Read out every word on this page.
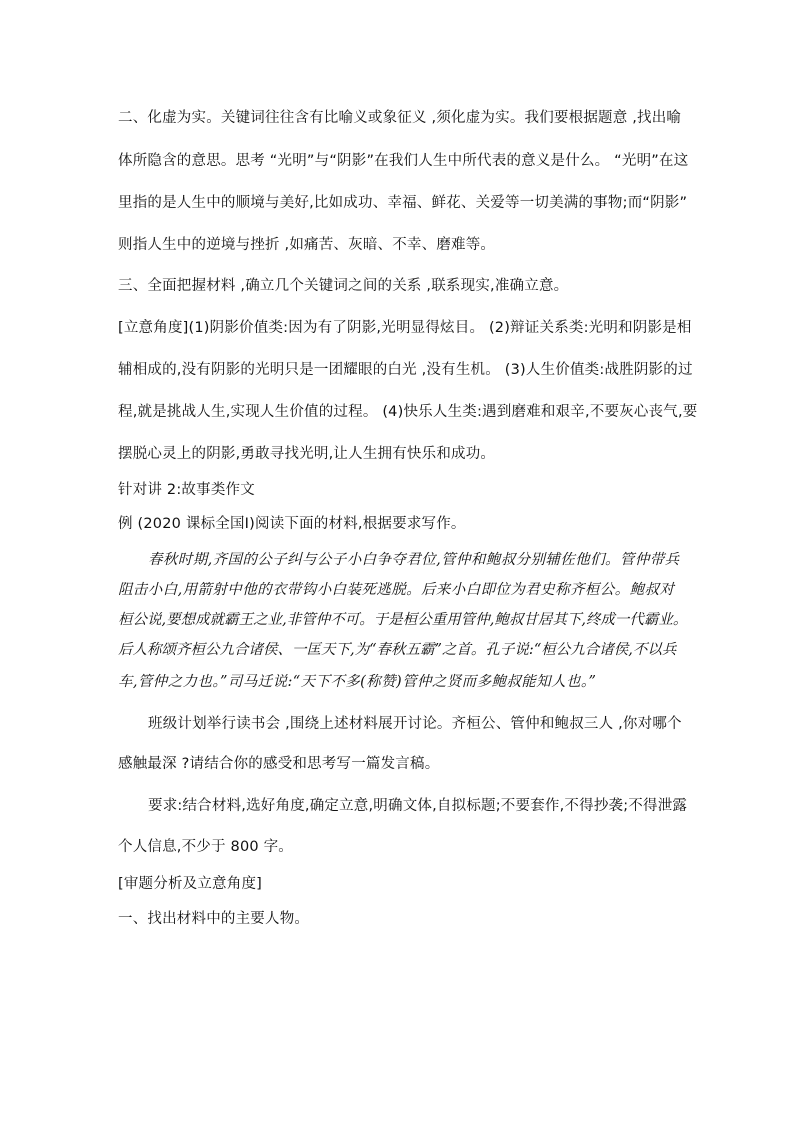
二、化虚为实。关键词往往含有比喻义或象征义 ,须化虚为实。我们要根据题意 ,找出喻
体所隐含的意思。思考 “光明”与“阴影”在我们人生中所代表的意义是什么。 “光明”在这
里指的是人生中的顺境与美好,比如成功、幸福、鲜花、关爱等一切美满的事物;而“阴影”
则指人生中的逆境与挫折 ,如痛苦、灰暗、不幸、磨难等。
三、全面把握材料 ,确立几个关键词之间的关系 ,联系现实,准确立意。
[立意角度](1)阴影价值类:因为有了阴影,光明显得炫目。 (2)辩证关系类:光明和阴影是相
辅相成的,没有阴影的光明只是一团耀眼的白光 ,没有生机。 (3)人生价值类:战胜阴影的过
程,就是挑战人生,实现人生价值的过程。 (4)快乐人生类:遇到磨难和艰辛,不要灰心丧气,要
摆脱心灵上的阴影,勇敢寻找光明,让人生拥有快乐和成功。
针对讲 2:故事类作文
例 (2020 课标全国Ⅰ)阅读下面的材料,根据要求写作。
春秋时期,齐国的公子纠与公子小白争夺君位,管仲和鲍叔分别辅佐他们。管仲带兵
阻击小白,用箭射中他的衣带钩小白装死逃脱。后来小白即位为君史称齐桓公。鲍叔对
桓公说,要想成就霸王之业,非管仲不可。于是桓公重用管仲,鲍叔甘居其下,终成一代霸业。
后人称颂齐桓公九合诸侯、一匡天下,为“春秋五霸”之首。孔子说:“桓公九合诸侯,不以兵
车,管仲之力也。”司马迁说:“天下不多(称赞)管仲之贤而多鲍叔能知人也。”
班级计划举行读书会 ,围绕上述材料展开讨论。齐桓公、管仲和鲍叔三人 ,你对哪个
感触最深 ?请结合你的感受和思考写一篇发言稿。
要求:结合材料,选好角度,确定立意,明确文体,自拟标题;不要套作,不得抄袭;不得泄露
个人信息,不少于 800 字。
[审题分析及立意角度]
一、找出材料中的主要人物。
